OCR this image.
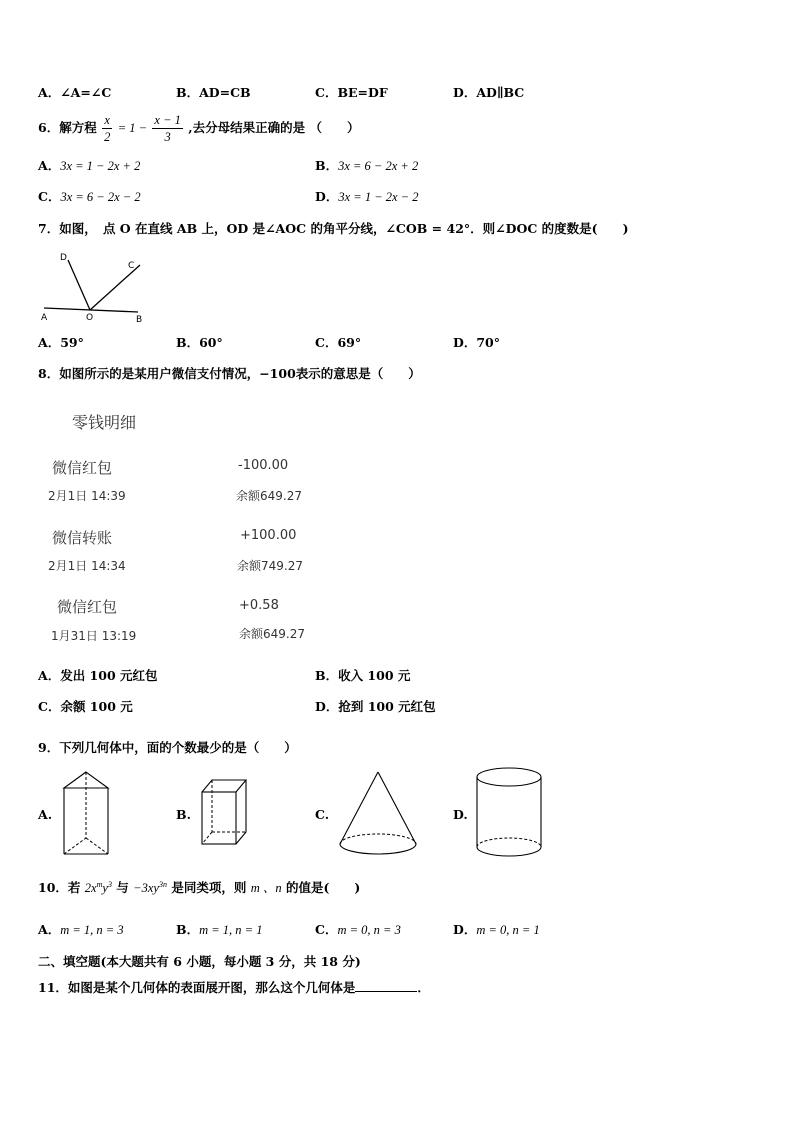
A．∠A=∠C	B．AD=CB	C．BE=DF	D．AD∥BC
6．解方程 $\frac{x}{2} = 1 - \frac{x - 1}{3}$ ,去分母结果正确的是 （　　）
A．3x = 1 − 2x + 2	B．3x = 6 − 2x + 2
C．3x = 6 − 2x − 2	D．3x = 1 − 2x − 2
7．如图，　点 O 在直线 AB 上，OD 是∠AOC 的角平分线，∠COB = 42°．则∠DOC 的度数是(　　)
D
C
A	O	B
A．59°	B．60°	C．69°	D．70°
8．如图所示的是某用户微信支付情况，−100表示的意思是（　　）
零钱明细
微信红包	-100.00
2月1日 14:39	余额649.27
微信转账	+100.00
2月1日 14:34	余额749.27
微信红包	+0.58
1月31日 13:19	余额649.27
A．发出 100 元红包	B．收入 100 元
C．余额 100 元	D．抢到 100 元红包
9．下列几何体中，面的个数最少的是（　　）
A.	B.	C.	D.
10．若 $2x^my^3$ 与 $-3xy^{3n}$ 是同类项，则 m 、n 的值是(　　)
A．m = 1, n = 3	B．m = 1, n = 1	C．m = 0, n = 3	D．m = 0, n = 1
二、填空题(本大题共有 6 小题，每小题 3 分，共 18 分)
11．如图是某个几何体的表面展开图，那么这个几何体是	．
